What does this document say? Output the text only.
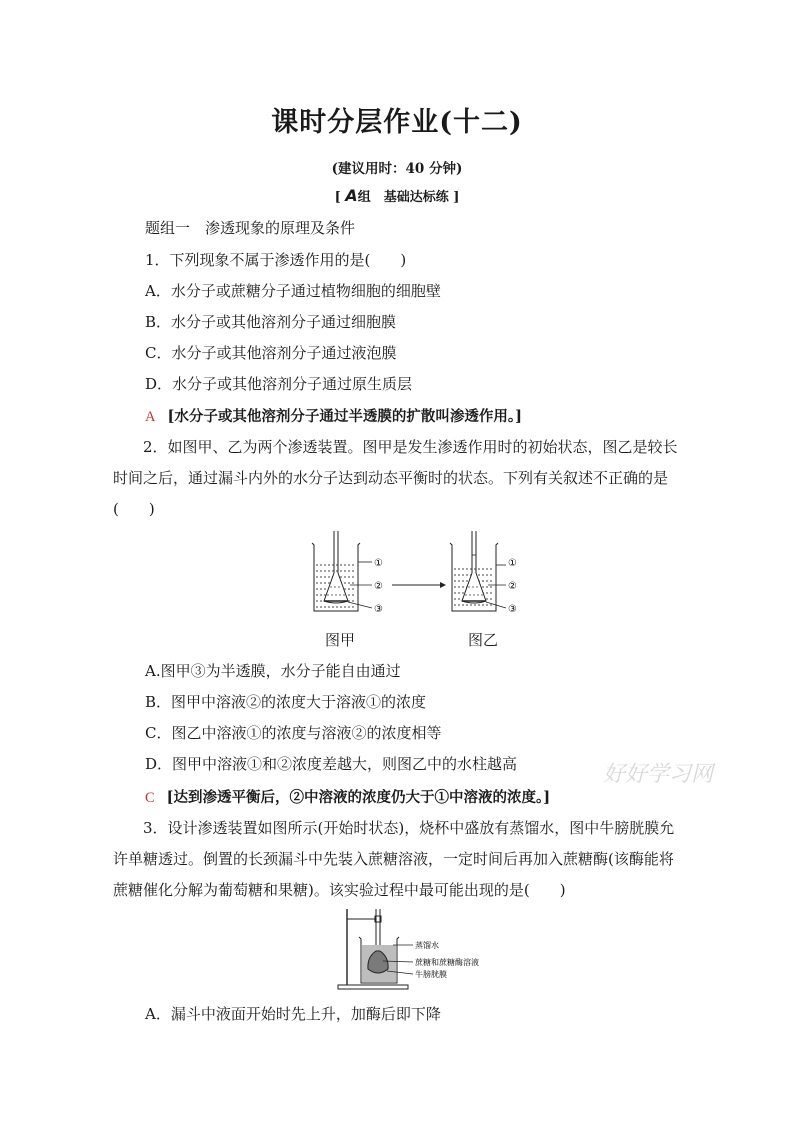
课时分层作业(十二)
(建议用时：40 分钟)
[ A组　基础达标练 ]
题组一　渗透现象的原理及条件
1．下列现象不属于渗透作用的是(　　)
A．水分子或蔗糖分子通过植物细胞的细胞壁
B．水分子或其他溶剂分子通过细胞膜
C．水分子或其他溶剂分子通过液泡膜
D．水分子或其他溶剂分子通过原生质层
A [水分子或其他溶剂分子通过半透膜的扩散叫渗透作用。]
2．如图甲、乙为两个渗透装置。图甲是发生渗透作用时的初始状态，图乙是较长时间之后，通过漏斗内外的水分子达到动态平衡时的状态。下列有关叙述不正确的是(　　)
①
②
③
①
②
③
图甲	图乙
A.图甲③为半透膜，水分子能自由通过
B．图甲中溶液②的浓度大于溶液①的浓度
C．图乙中溶液①的浓度与溶液②的浓度相等
D．图甲中溶液①和②浓度差越大，则图乙中的水柱越高	好好学习网
C [达到渗透平衡后，②中溶液的浓度仍大于①中溶液的浓度。]
3．设计渗透装置如图所示(开始时状态)，烧杯中盛放有蒸馏水，图中牛膀胱膜允许单糖透过。倒置的长颈漏斗中先装入蔗糖溶液，一定时间后再加入蔗糖酶(该酶能将蔗糖催化分解为葡萄糖和果糖)。该实验过程中最可能出现的是(　　)
蒸馏水
蔗糖和蔗糖酶溶液
牛膀胱膜
A．漏斗中液面开始时先上升，加酶后即下降
